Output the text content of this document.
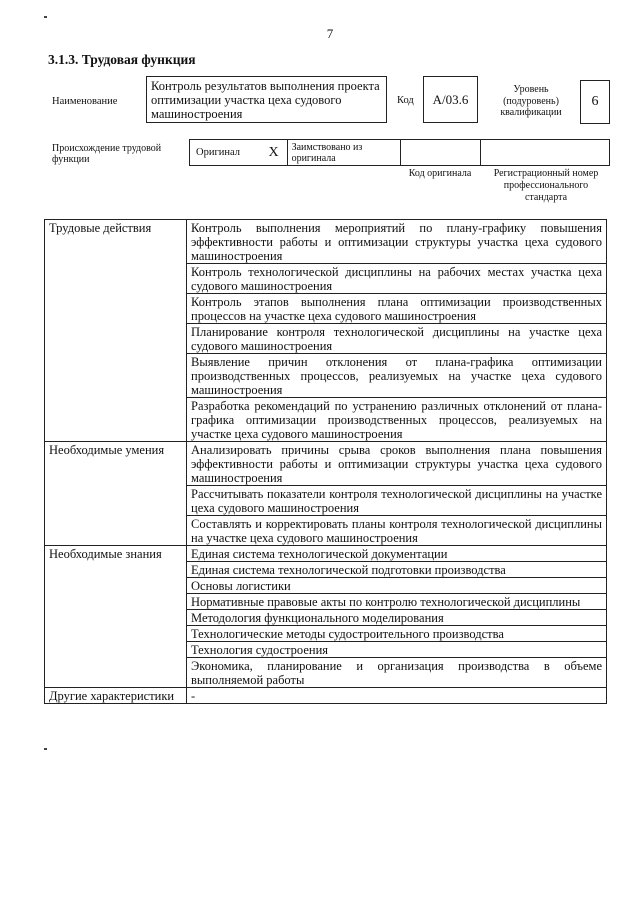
7
3.1.3. Трудовая функция
Наименование
Контроль результатов выполнения проекта оптимизации участка цеха судового машиностроения
Код	A/03.6
Уровень (подуровень) квалификации
6
Происхождение трудовой функции
Оригинал X	Заимствовано из оригинала
Код оригинала	Регистрационный номер профессионального стандарта
Трудовые действия	Контроль выполнения мероприятий по плану-графику повышения эффективности работы и оптимизации структуры участка цеха судового машиностроения
	Контроль технологической дисциплины на рабочих местах участка цеха судового машиностроения
	Контроль этапов выполнения плана оптимизации производственных процессов на участке цеха судового машиностроения
	Планирование контроля технологической дисциплины на участке цеха судового машиностроения
	Выявление причин отклонения от плана-графика оптимизации производственных процессов, реализуемых на участке цеха судового машиностроения
	Разработка рекомендаций по устранению различных отклонений от плана-графика оптимизации производственных процессов, реализуемых на участке цеха судового машиностроения
Необходимые умения	Анализировать причины срыва сроков выполнения плана повышения эффективности работы и оптимизации структуры участка цеха судового машиностроения
	Рассчитывать показатели контроля технологической дисциплины на участке цеха судового машиностроения
	Составлять и корректировать планы контроля технологической дисциплины на участке цеха судового машиностроения
Необходимые знания	Единая система технологической документации
	Единая система технологической подготовки производства
	Основы логистики
	Нормативные правовые акты по контролю технологической дисциплины
	Методология функционального моделирования
	Технологические методы судостроительного производства
	Технология судостроения
	Экономика, планирование и организация производства в объеме выполняемой работы
Другие характеристики	-
